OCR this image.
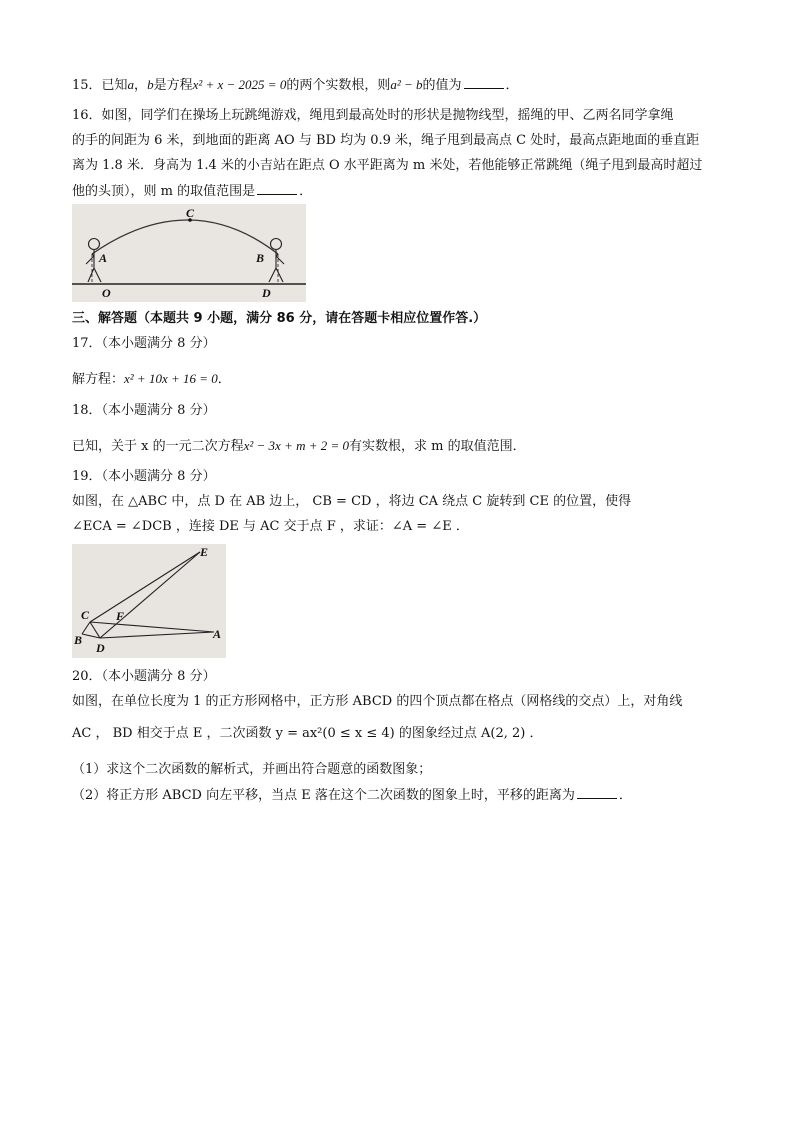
15．已知a，b是方程x² + x − 2025 = 0的两个实数根，则a² − b的值为	．
16．如图，同学们在操场上玩跳绳游戏，绳甩到最高处时的形状是抛物线型，摇绳的甲、乙两名同学拿绳
的手的间距为 6 米，到地面的距离 AO 与 BD 均为 0.9 米，绳子甩到最高点 C 处时，最高点距地面的垂直距
离为 1.8 米．身高为 1.4 米的小吉站在距点 O 水平距离为 m 米处，若他能够正常跳绳（绳子甩到最高时超过
他的头顶），则 m 的取值范围是	．
C
A	B
O	D
三、解答题（本题共 9 小题，满分 86 分，请在答题卡相应位置作答.）
17．（本小题满分 8 分）
解方程：x² + 10x + 16 = 0．
18．（本小题满分 8 分）
已知，关于 x 的一元二次方程x² − 3x + m + 2 = 0有实数根，求 m 的取值范围．
19．（本小题满分 8 分）
如图，在 △ABC 中，点 D 在 AB 边上， CB = CD ，将边 CA 绕点 C 旋转到 CE 的位置，使得
∠ECA = ∠DCB ，连接 DE 与 AC 交于点 F ，求证：∠A = ∠E ．
E
C F
B
D
A
20．（本小题满分 8 分）
如图，在单位长度为 1 的正方形网格中，正方形 ABCD 的四个顶点都在格点（网格线的交点）上，对角线
AC ， BD 相交于点 E ，二次函数 y = ax²(0 ≤ x ≤ 4) 的图象经过点 A(2, 2) ．
（1）求这个二次函数的解析式，并画出符合题意的函数图象；
（2）将正方形 ABCD 向左平移，当点 E 落在这个二次函数的图象上时，平移的距离为	．
